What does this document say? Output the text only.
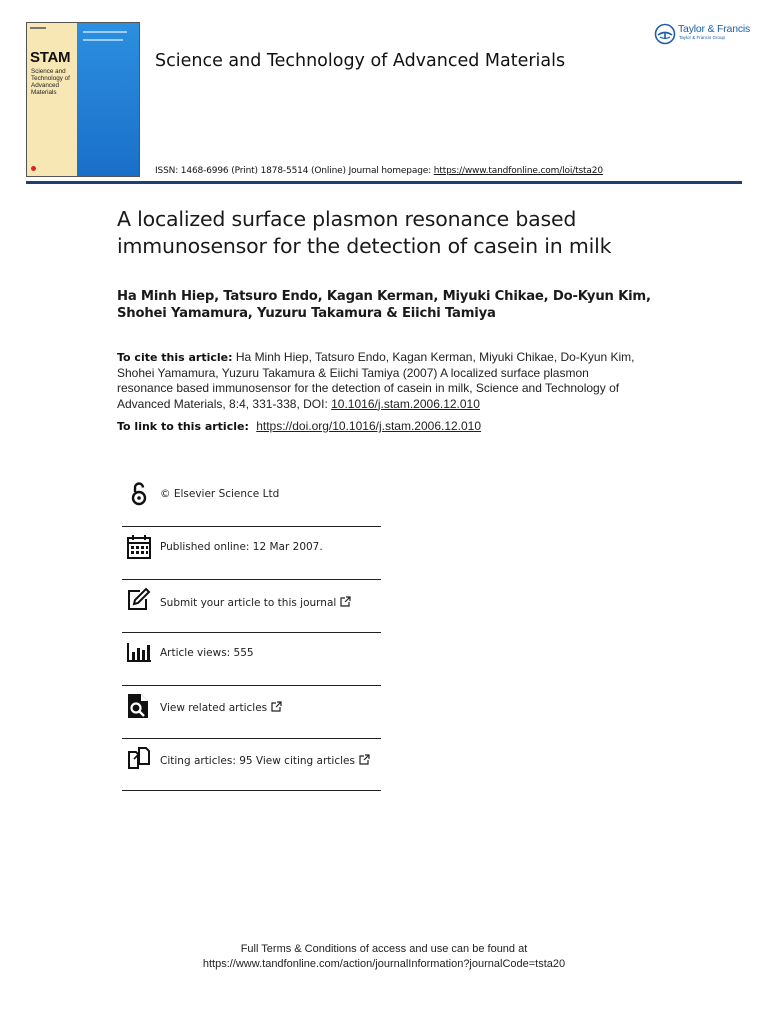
STAM
Science and Technology of Advanced Materials
Science and Technology of Advanced Materials
Taylor & Francis
Taylor & Francis Group
ISSN: 1468-6996 (Print) 1878-5514 (Online) Journal homepage: https://www.tandfonline.com/loi/tsta20
A localized surface plasmon resonance based immunosensor for the detection of casein in milk
Ha Minh Hiep, Tatsuro Endo, Kagan Kerman, Miyuki Chikae, Do-Kyun Kim, Shohei Yamamura, Yuzuru Takamura & Eiichi Tamiya
To cite this article: Ha Minh Hiep, Tatsuro Endo, Kagan Kerman, Miyuki Chikae, Do-Kyun Kim, Shohei Yamamura, Yuzuru Takamura & Eiichi Tamiya (2007) A localized surface plasmon resonance based immunosensor for the detection of casein in milk, Science and Technology of Advanced Materials, 8:4, 331-338, DOI: 10.1016/j.stam.2006.12.010
To link to this article: https://doi.org/10.1016/j.stam.2006.12.010
© Elsevier Science Ltd
Published online: 12 Mar 2007.
Submit your article to this journal
Article views: 555
View related articles
Citing articles: 95 View citing articles
Full Terms & Conditions of access and use can be found at
https://www.tandfonline.com/action/journalInformation?journalCode=tsta20
